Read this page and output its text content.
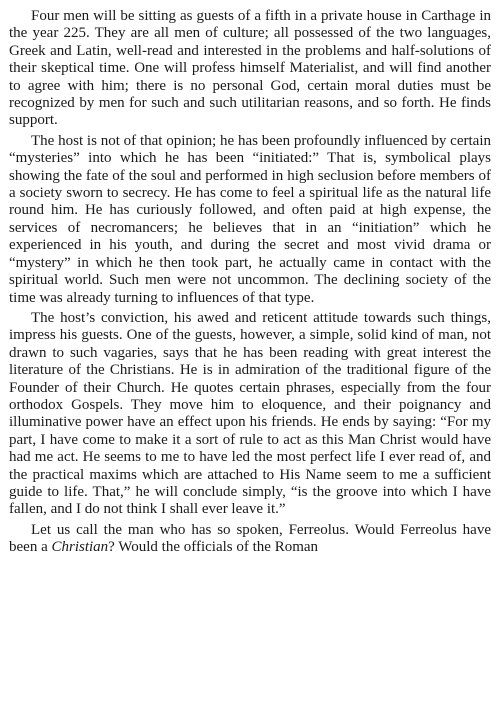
Four men will be sitting as guests of a fifth in a private house in Carthage in the year 225. They are all men of culture; all possessed of the two languages, Greek and Latin, well-read and interested in the problems and half-solutions of their skeptical time. One will profess himself Materialist, and will find another to agree with him; there is no personal God, certain moral duties must be recognized by men for such and such utilitarian reasons, and so forth. He finds support.

The host is not of that opinion; he has been profoundly influenced by certain “mysteries” into which he has been “initiated:” That is, symbolical plays showing the fate of the soul and performed in high seclusion before members of a society sworn to secrecy. He has come to feel a spiritual life as the natural life round him. He has curiously followed, and often paid at high expense, the services of necromancers; he believes that in an “initiation” which he experienced in his youth, and during the secret and most vivid drama or “mystery” in which he then took part, he actually came in contact with the spiritual world. Such men were not uncommon. The declining society of the time was already turning to influences of that type.

The host’s conviction, his awed and reticent attitude towards such things, impress his guests. One of the guests, however, a simple, solid kind of man, not drawn to such vagaries, says that he has been reading with great interest the literature of the Christians. He is in admiration of the traditional figure of the Founder of their Church. He quotes certain phrases, especially from the four orthodox Gospels. They move him to eloquence, and their poignancy and illuminative power have an effect upon his friends. He ends by saying: “For my part, I have come to make it a sort of rule to act as this Man Christ would have had me act. He seems to me to have led the most perfect life I ever read of, and the practical maxims which are attached to His Name seem to me a sufficient guide to life. That,” he will conclude simply, “is the groove into which I have fallen, and I do not think I shall ever leave it.”

Let us call the man who has so spoken, Ferreolus. Would Ferreolus have been a Christian? Would the officials of the Roman
